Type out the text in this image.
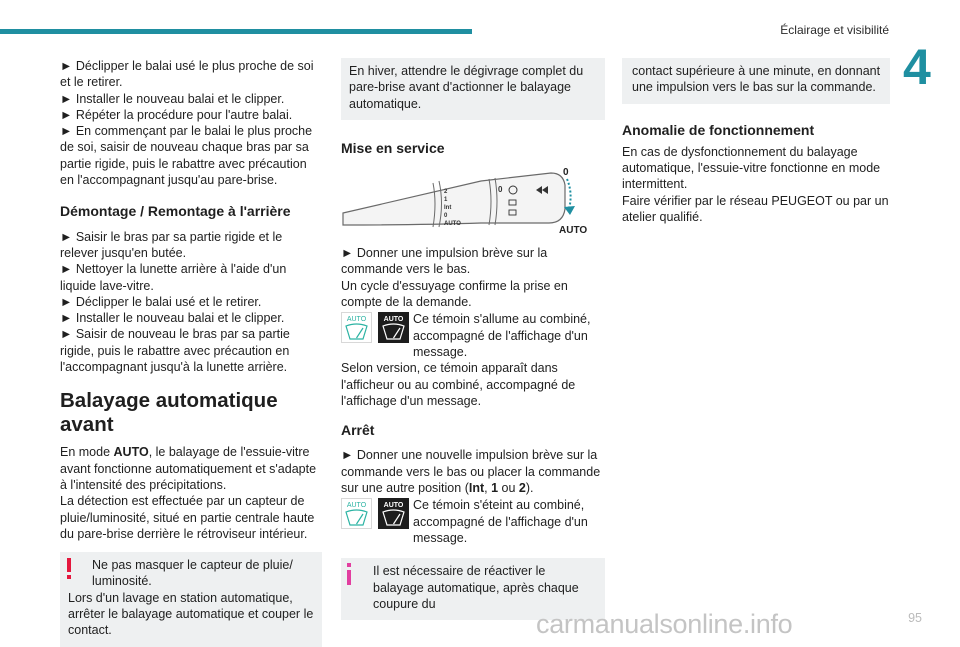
Éclairage et visibilité
4

► Déclipper le balai usé le plus proche de soi et le retirer.

► Installer le nouveau balai et le clipper.

► Répéter la procédure pour l'autre balai.

► En commençant par le balai le plus proche de soi, saisir de nouveau chaque bras par sa partie rigide, puis le rabattre avec précaution en l'accompagnant jusqu'au pare-brise.

Démontage / Remontage à l'arrière

► Saisir le bras par sa partie rigide et le relever jusqu'en butée.

► Nettoyer la lunette arrière à l'aide d'un liquide lave-vitre.

► Déclipper le balai usé et le retirer.

► Installer le nouveau balai et le clipper.

► Saisir de nouveau le bras par sa partie rigide, puis le rabattre avec précaution en l'accompagnant jusqu'à la lunette arrière.

Balayage automatique avant

En mode AUTO, le balayage de l'essuie-vitre avant fonctionne automatiquement et s'adapte à l'intensité des précipitations.

La détection est effectuée par un capteur de pluie/luminosité, situé en partie centrale haute du pare-brise derrière le rétroviseur intérieur.

Ne pas masquer le capteur de pluie/ luminosité.

Lors d'un lavage en station automatique, arrêter le balayage automatique et couper le contact.

En hiver, attendre le dégivrage complet du pare-brise avant d'actionner le balayage automatique.

Mise en service

2
1
Int
0
AUTO
0
0
AUTO

► Donner une impulsion brève sur la commande vers le bas.

Un cycle d'essuyage confirme la prise en compte de la demande.

AUTO AUTO Ce témoin s'allume au combiné, accompagné de l'affichage d'un message.

Selon version, ce témoin apparaît dans l'afficheur ou au combiné, accompagné de l'affichage d'un message.

Arrêt

► Donner une nouvelle impulsion brève sur la commande vers le bas ou placer la commande sur une autre position (Int, 1 ou 2).

AUTO AUTO Ce témoin s'éteint au combiné, accompagné de l'affichage d'un message.

Il est nécessaire de réactiver le balayage automatique, après chaque coupure du

contact supérieure à une minute, en donnant une impulsion vers le bas sur la commande.

Anomalie de fonctionnement

En cas de dysfonctionnement du balayage automatique, l'essuie-vitre fonctionne en mode intermittent.

Faire vérifier par le réseau PEUGEOT ou par un atelier qualifié.

carmanualsonline.info	95
